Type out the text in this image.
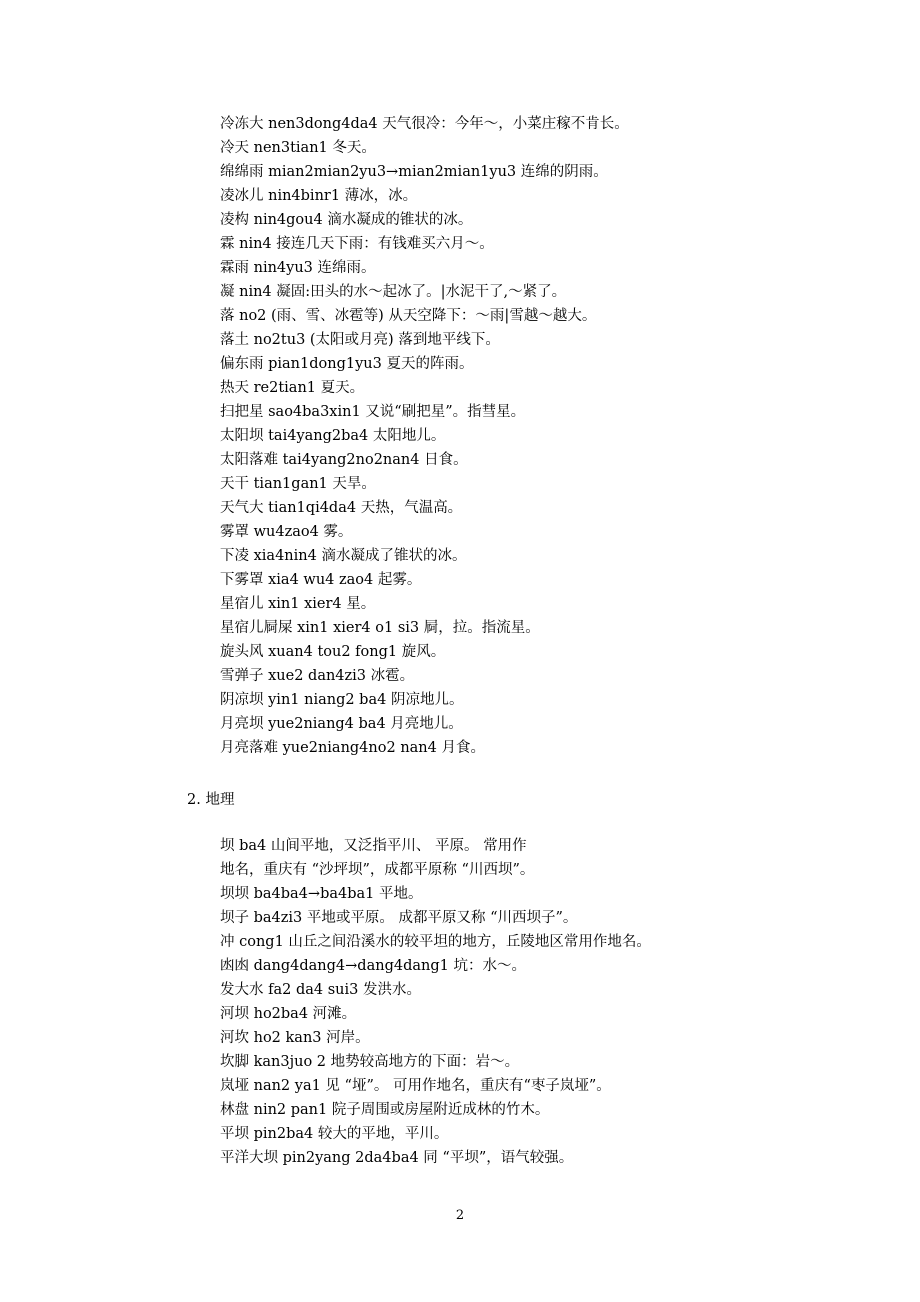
冷冻大 nen3dong4da4 天气很冷：今年～，小菜庄稼不肯长。
冷天 nen3tian1 冬天。
绵绵雨 mian2mian2yu3→mian2mian1yu3 连绵的阴雨。
凌冰儿 nin4binr1 薄冰，冰。
凌构 nin4gou4 滴水凝成的锥状的冰。
霖 nin4 接连几天下雨：有钱难买六月～。
霖雨 nin4yu3 连绵雨。
凝 nin4 凝固:田头的水～起冰了。|水泥干了,～紧了。
落 no2 (雨、雪、冰雹等) 从天空降下：～雨|雪越～越大。
落土 no2tu3 (太阳或月亮) 落到地平线下。
偏东雨 pian1dong1yu3 夏天的阵雨。
热天 re2tian1 夏天。
扫把星 sao4ba3xin1 又说“刷把星”。指彗星。
太阳坝 tai4yang2ba4 太阳地儿。
太阳落难 tai4yang2no2nan4 日食。
天干 tian1gan1 天旱。
天气大 tian1qi4da4 天热，气温高。
雾罩 wu4zao4 雾。
下凌 xia4nin4 滴水凝成了锥状的冰。
下雾罩 xia4 wu4 zao4 起雾。
星宿儿 xin1 xier4 星。
星宿儿屙屎 xin1 xier4 o1 si3 屙，拉。指流星。
旋头风 xuan4 tou2 fong1 旋风。
雪弹子 xue2 dan4zi3 冰雹。
阴凉坝 yin1 niang2 ba4 阴凉地儿。
月亮坝 yue2niang4 ba4 月亮地儿。
月亮落难 yue2niang4no2 nan4 月食。
2. 地理
坝 ba4 山间平地，又泛指平川、 平原。 常用作
地名，重庆有 “沙坪坝”，成都平原称 “川西坝”。
坝坝 ba4ba4→ba4ba1 平地。
坝子 ba4zi3 平地或平原。 成都平原又称 “川西坝子”。
冲 cong1 山丘之间沿溪水的较平坦的地方，丘陵地区常用作地名。
凼凼 dang4dang4→dang4dang1 坑：水～。
发大水 fa2 da4 sui3 发洪水。
河坝 ho2ba4 河滩。
河坎 ho2 kan3 河岸。
坎脚 kan3juo 2 地势较高地方的下面：岩～。
岚垭 nan2 ya1 见 “垭”。 可用作地名，重庆有“枣子岚垭”。
林盘 nin2 pan1 院子周围或房屋附近成林的竹木。
平坝 pin2ba4 较大的平地，平川。
平洋大坝 pin2yang 2da4ba4 同 “平坝”，语气较强。
2
